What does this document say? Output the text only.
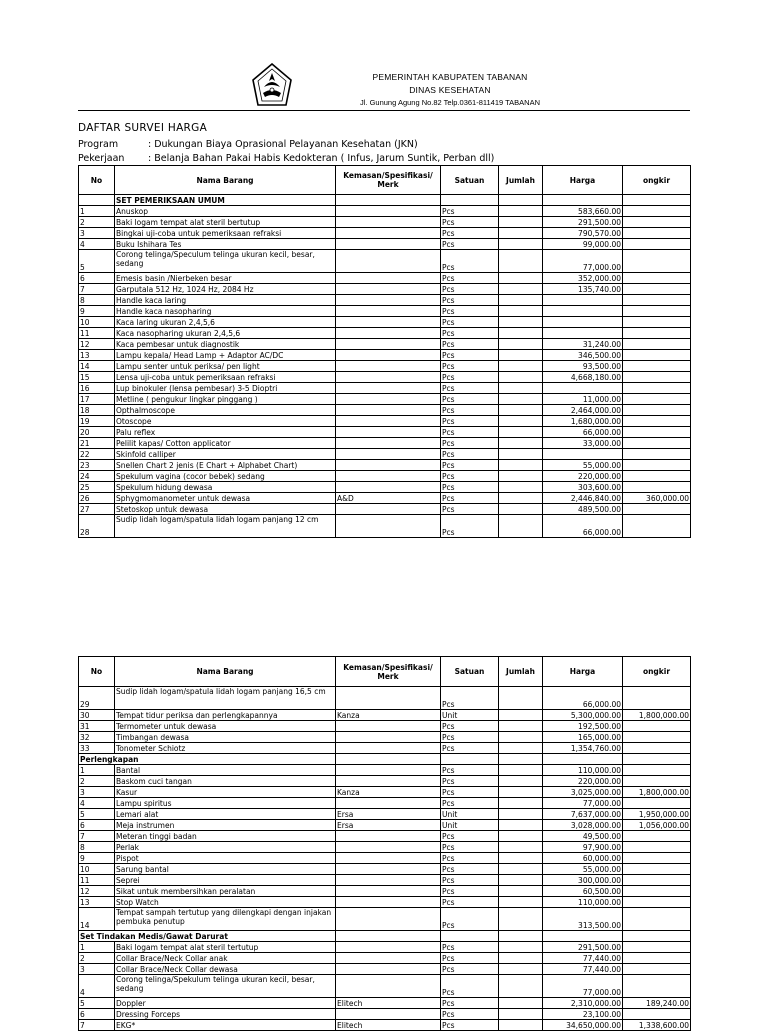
PEMERINTAH KABUPATEN TABANAN
DINAS KESEHATAN
Jl. Gunung Agung No.82 Telp.0361-811419 TABANAN
DAFTAR SURVEI HARGA
Program	: Dukungan Biaya Oprasional Pelayanan Kesehatan (JKN)
Pekerjaan : Belanja Bahan Pakai Habis Kedokteran ( Infus, Jarum Suntik, Perban dll)
No	Nama Barang	Kemasan/Spesifikasi/ Merk	Satuan	Jumlah	Harga	ongkir
	SET PEMERIKSAAN UMUM					
1	Anuskop		Pcs		583,660.00	
2	Baki logam tempat alat steril bertutup		Pcs		291,500.00	
3	Bingkai uji-coba untuk pemeriksaan refraksi		Pcs		790,570.00	
4	Buku Ishihara Tes		Pcs		99,000.00	
5	Corong telinga/Speculum telinga ukuran kecil, besar, sedang		Pcs		77,000.00	
6	Emesis basin /Nierbeken besar		Pcs		352,000.00	
7	Garputala 512 Hz, 1024 Hz, 2084 Hz		Pcs		135,740.00	
8	Handle kaca laring		Pcs			
9	Handle kaca nasopharing		Pcs			
10	Kaca laring ukuran 2,4,5,6		Pcs			
11	Kaca nasopharing ukuran 2,4,5,6		Pcs			
12	Kaca pembesar untuk diagnostik		Pcs		31,240.00	
13	Lampu kepala/ Head Lamp + Adaptor AC/DC		Pcs		346,500.00	
14	Lampu senter untuk periksa/ pen light		Pcs		93,500.00	
15	Lensa uji-coba untuk pemeriksaan refraksi		Pcs		4,668,180.00	
16	Lup binokuler (lensa pembesar) 3-5 Dioptri		Pcs			
17	Metline ( pengukur lingkar pinggang )		Pcs		11,000.00	
18	Opthalmoscope		Pcs		2,464,000.00	
19	Otoscope		Pcs		1,680,000.00	
20	Palu reflex		Pcs		66,000.00	
21	Pelilit kapas/ Cotton applicator		Pcs		33,000.00	
22	Skinfold calliper		Pcs			
23	Snellen Chart 2 jenis (E Chart + Alphabet Chart)		Pcs		55,000.00	
24	Spekulum vagina (cocor bebek) sedang		Pcs		220,000.00	
25	Spekulum hidung dewasa		Pcs		303,600.00	
26	Sphygmomanometer untuk dewasa	A&D	Pcs		2,446,840.00	360,000.00
27	Stetoskop untuk dewasa		Pcs		489,500.00	
28	Sudip lidah logam/spatula lidah logam panjang 12 cm		Pcs		66,000.00	
No	Nama Barang	Kemasan/Spesifikasi/ Merk	Satuan	Jumlah	Harga	ongkir
29	Sudip lidah logam/spatula lidah logam panjang 16,5 cm		Pcs		66,000.00	
30	Tempat tidur periksa dan perlengkapannya	Kanza	Unit		5,300,000.00	1,800,000.00
31	Termometer untuk dewasa		Pcs		192,500.00	
32	Timbangan dewasa		Pcs		165,000.00	
33	Tonometer Schiotz		Pcs		1,354,760.00	
Perlengkapan						
1	Bantal		Pcs		110,000.00	
2	Baskom cuci tangan		Pcs		220,000.00	
3	Kasur	Kanza	Pcs		3,025,000.00	1,800,000.00
4	Lampu spiritus		Pcs		77,000.00	
5	Lemari alat	Ersa	Unit		7,637,000.00	1,950,000.00
6	Meja instrumen	Ersa	Unit		3,028,000.00	1,056,000.00
7	Meteran tinggi badan		Pcs		49,500.00	
8	Perlak		Pcs		97,900.00	
9	Pispot		Pcs		60,000.00	
10	Sarung bantal		Pcs		55,000.00	
11	Seprei		Pcs		300,000.00	
12	Sikat untuk membersihkan peralatan		Pcs		60,500.00	
13	Stop Watch		Pcs		110,000.00	
14	Tempat sampah tertutup yang dilengkapi dengan injakan pembuka penutup		Pcs		313,500.00	
Set Tindakan Medis/Gawat Darurat						
1	Baki logam tempat alat steril tertutup		Pcs		291,500.00	
2	Collar Brace/Neck Collar anak		Pcs		77,440.00	
3	Collar Brace/Neck Collar dewasa		Pcs		77,440.00	
4	Corong telinga/Spekulum telinga ukuran kecil, besar, sedang		Pcs		77,000.00	
5	Doppler	Elitech	Pcs		2,310,000.00	189,240.00
6	Dressing Forceps		Pcs		23,100.00	
7	EKG*	Elitech	Pcs		34,650,000.00	1,338,600.00
